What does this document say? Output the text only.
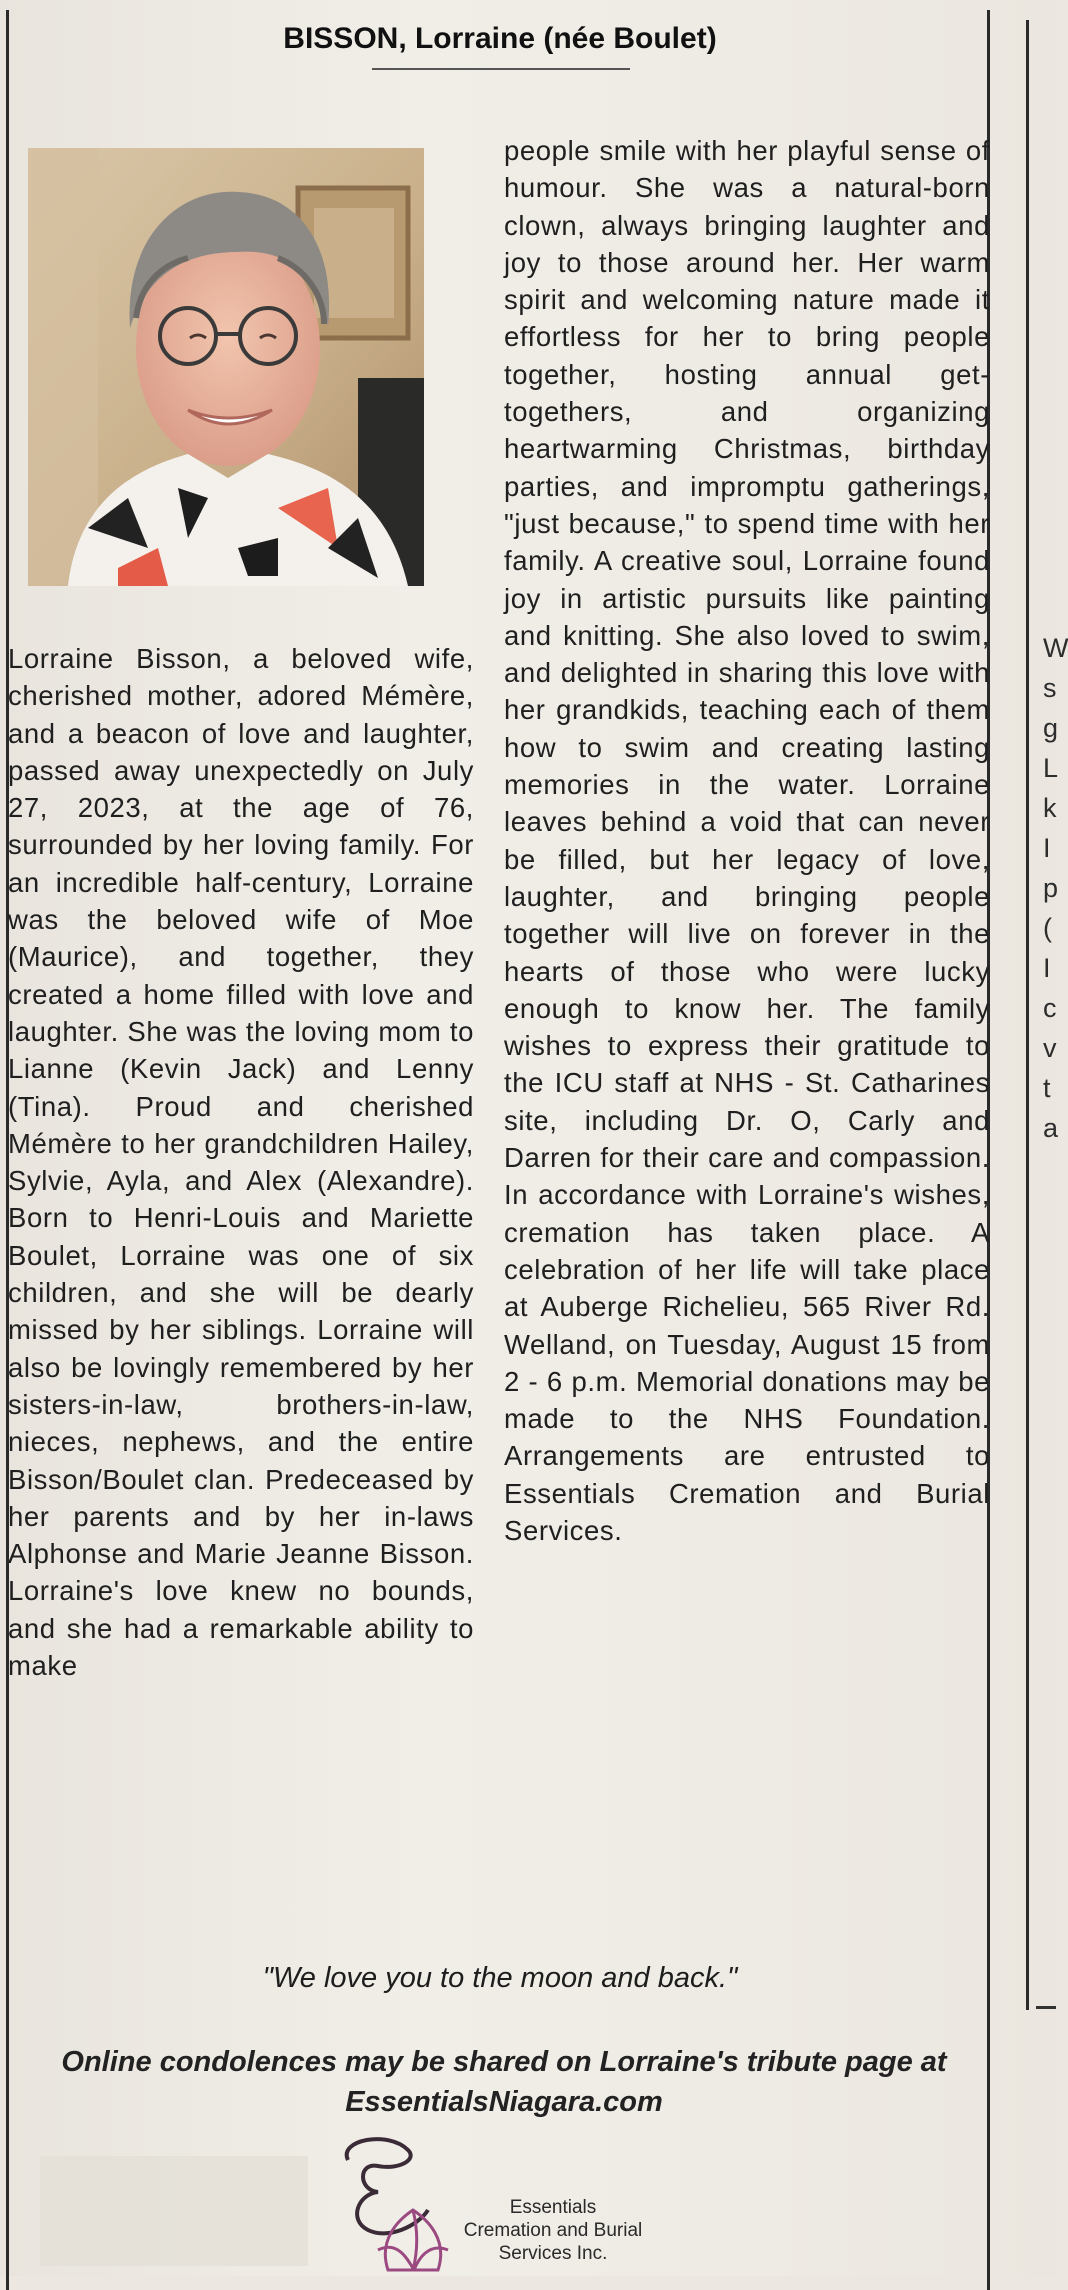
W
s
g
L
k
I
p
(
I
c
v
t
a
BISSON, Lorraine (née Boulet)
Lorraine Bisson, a beloved wife, cherished mother, adored Mémère, and a beacon of love and laughter, passed away unexpectedly on July 27, 2023, at the age of 76, surrounded by her loving family. For an incredible half-century, Lorraine was the beloved wife of Moe (Maurice), and together, they created a home filled with love and laughter. She was the loving mom to Lianne (Kevin Jack) and Lenny (Tina). Proud and cherished Mémère to her grandchildren Hailey, Sylvie, Ayla, and Alex (Alexandre). Born to Henri-Louis and Mariette Boulet, Lorraine was one of six children, and she will be dearly missed by her siblings. Lorraine will also be lovingly remembered by her sisters-in-law, brothers-in-law, nieces, nephews, and the entire Bisson/Boulet clan. Predeceased by her parents and by her in-laws Alphonse and Marie Jeanne Bisson. Lorraine's love knew no bounds, and she had a remarkable ability to make
people smile with her playful sense of humour. She was a natural-born clown, always bringing laughter and joy to those around her. Her warm spirit and welcoming nature made it effortless for her to bring people together, hosting annual get-togethers, and organizing heartwarming Christmas, birthday parties, and impromptu gatherings, "just because," to spend time with her family. A creative soul, Lorraine found joy in artistic pursuits like painting and knitting. She also loved to swim, and delighted in sharing this love with her grandkids, teaching each of them how to swim and creating lasting memories in the water. Lorraine leaves behind a void that can never be filled, but her legacy of love, laughter, and bringing people together will live on forever in the hearts of those who were lucky enough to know her. The family wishes to express their gratitude to the ICU staff at NHS - St. Catharines site, including Dr. O, Carly and Darren for their care and compassion. In accordance with Lorraine's wishes, cremation has taken place. A celebration of her life will take place at Auberge Richelieu, 565 River Rd. Welland, on Tuesday, August 15 from 2 - 6 p.m. Memorial donations may be made to the NHS Foundation. Arrangements are entrusted to Essentials Cremation and Burial Services.
"We love you to the moon and back."
Online condolences may be shared on Lorraine's tribute page at
EssentialsNiagara.com
Essentials
Cremation and Burial
Services Inc.
